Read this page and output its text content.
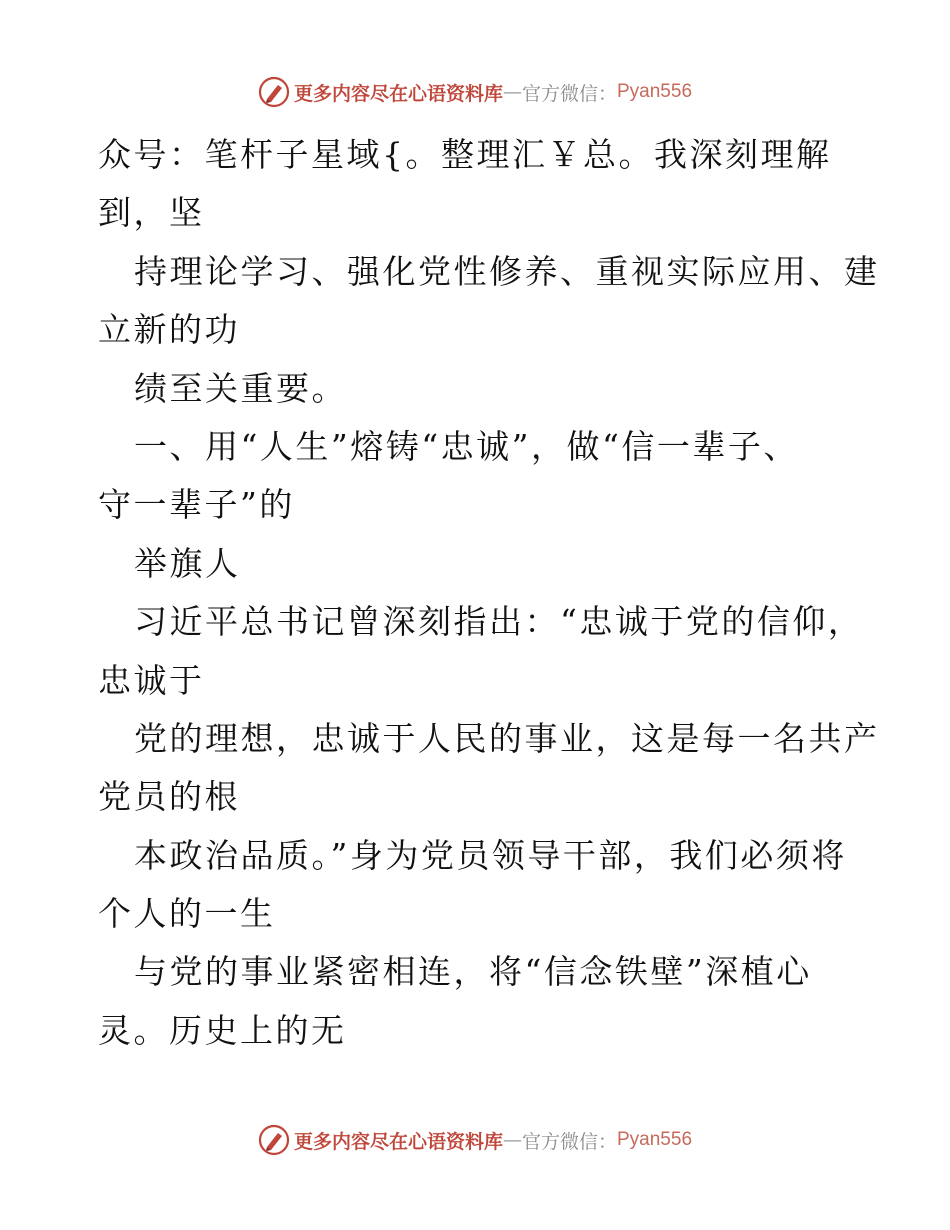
更多内容尽在心语资料库 — 官方微信： Pyan556
众号：笔杆子星域{。整理汇￥总。我深刻理解
到，坚
持理论学习、强化党性修养、重视实际应用、建
立新的功
绩至关重要。
一、用“人生”熔铸“忠诚”，做“信一辈子、
守一辈子”的
举旗人
习近平总书记曾深刻指出：“忠诚于党的信仰，
忠诚于
党的理想，忠诚于人民的事业，这是每一名共产
党员的根
本政治品质。”身为党员领导干部，我们必须将
个人的一生
与党的事业紧密相连，将“信念铁壁”深植心
灵。历史上的无
更多内容尽在心语资料库 — 官方微信： Pyan556
